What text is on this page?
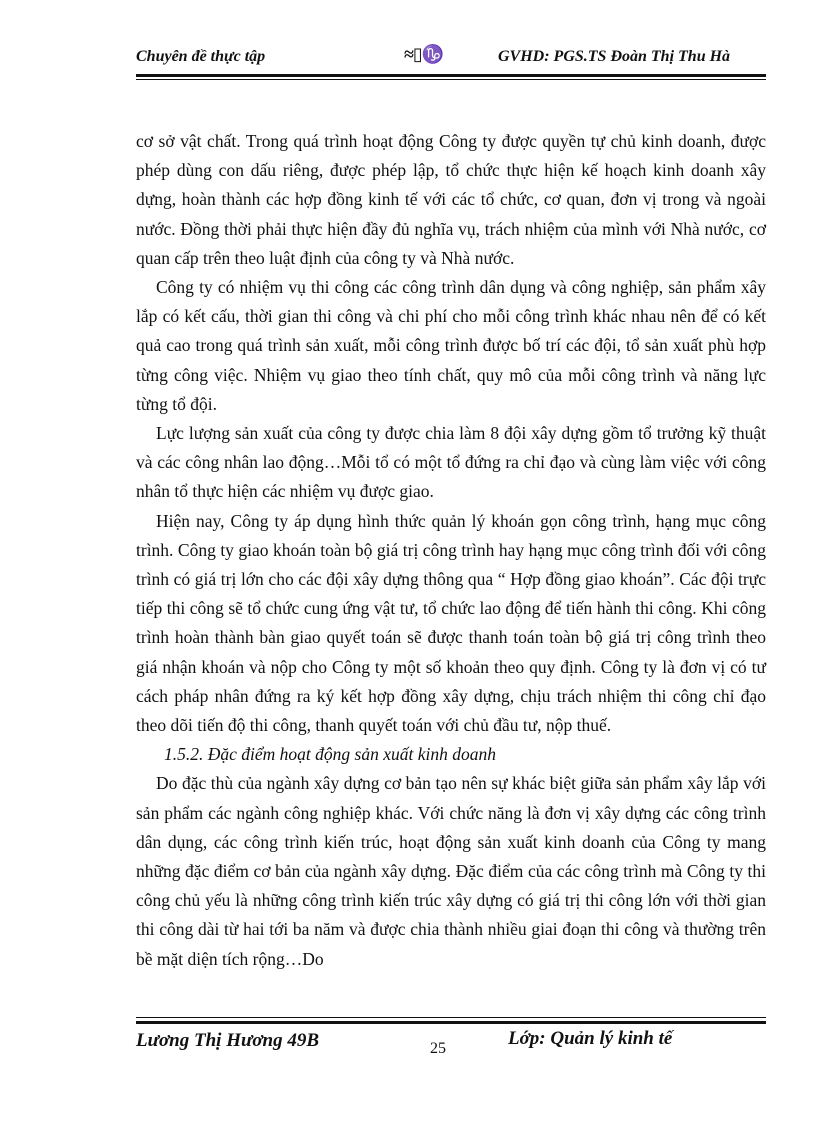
Chuyên đề thực tập	≈▯♑	GVHD: PGS.TS Đoàn Thị Thu Hà

cơ sở vật chất. Trong quá trình hoạt động Công ty được quyền tự chủ kinh doanh, được phép dùng con dấu riêng, được phép lập, tổ chức thực hiện kế hoạch kinh doanh xây dựng, hoàn thành các hợp đồng kinh tế với các tổ chức, cơ quan, đơn vị trong và ngoài nước. Đồng thời phải thực hiện đầy đủ nghĩa vụ, trách nhiệm của mình với Nhà nước, cơ quan cấp trên theo luật định của công ty và Nhà nước.

Công ty có nhiệm vụ thi công các công trình dân dụng và công nghiệp, sản phẩm xây lắp có kết cấu, thời gian thi công và chi phí cho mỗi công trình khác nhau nên để có kết quả cao trong quá trình sản xuất, mỗi công trình được bố trí các đội, tổ sản xuất phù hợp từng công việc. Nhiệm vụ giao theo tính chất, quy mô của mỗi công trình và năng lực từng tổ đội.

Lực lượng sản xuất của công ty được chia làm 8 đội xây dựng gồm tổ trưởng kỹ thuật và các công nhân lao động…Mỗi tổ có một tổ đứng ra chỉ đạo và cùng làm việc với công nhân tổ thực hiện các nhiệm vụ được giao.

Hiện nay, Công ty áp dụng hình thức quản lý khoán gọn công trình, hạng mục công trình. Công ty giao khoán toàn bộ giá trị công trình hay hạng mục công trình đối với công trình có giá trị lớn cho các đội xây dựng thông qua “ Hợp đồng giao khoán”. Các đội trực tiếp thi công sẽ tổ chức cung ứng vật tư, tổ chức lao động để tiến hành thi công. Khi công trình hoàn thành bàn giao quyết toán sẽ được thanh toán toàn bộ giá trị công trình theo giá nhận khoán và nộp cho Công ty một số khoản theo quy định. Công ty là đơn vị có tư cách pháp nhân đứng ra ký kết hợp đồng xây dựng, chịu trách nhiệm thi công chỉ đạo theo dõi tiến độ thi công, thanh quyết toán với chủ đầu tư, nộp thuế.

1.5.2. Đặc điểm hoạt động sản xuất kinh doanh

Do đặc thù của ngành xây dựng cơ bản tạo nên sự khác biệt giữa sản phẩm xây lắp với sản phẩm các ngành công nghiệp khác. Với chức năng là đơn vị xây dựng các công trình dân dụng, các công trình kiến trúc, hoạt động sản xuất kinh doanh của Công ty mang những đặc điểm cơ bản của ngành xây dựng. Đặc điểm của các công trình mà Công ty thi công chủ yếu là những công trình kiến trúc xây dựng có giá trị thi công lớn với thời gian thi công dài từ hai tới ba năm và được chia thành nhiều giai đoạn thi công và thường trên bề mặt diện tích rộng…Do

Lương Thị Hương 49B	25	Lớp: Quản lý kinh tế
